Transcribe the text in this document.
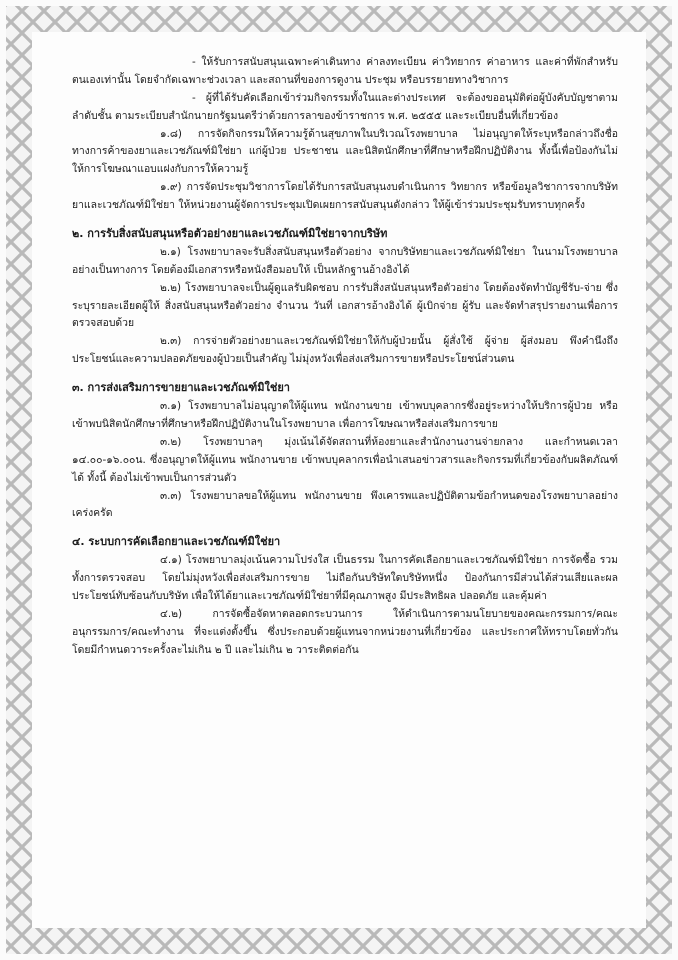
- ให้รับการสนับสนุนเฉพาะค่าเดินทาง ค่าลงทะเบียน ค่าวิทยากร ค่าอาหาร และค่าที่พักสำหรับตนเองเท่านั้น โดยจำกัดเฉพาะช่วงเวลา และสถานที่ของการดูงาน ประชุม หรือบรรยายทางวิชาการ

- ผู้ที่ได้รับคัดเลือกเข้าร่วมกิจกรรมทั้งในและต่างประเทศ จะต้องขออนุมัติต่อผู้บังคับบัญชาตามลำดับชั้น ตามระเบียบสำนักนายกรัฐมนตรีว่าด้วยการลาของข้าราชการ พ.ศ. ๒๕๕๕ และระเบียบอื่นที่เกี่ยวข้อง

๑.๘) การจัดกิจกรรมให้ความรู้ด้านสุขภาพในบริเวณโรงพยาบาล ไม่อนุญาตให้ระบุหรือกล่าวถึงชื่อทางการค้าของยาและเวชภัณฑ์มิใช่ยา แก่ผู้ป่วย ประชาชน และนิสิตนักศึกษาที่ศึกษาหรือฝึกปฏิบัติงาน ทั้งนี้เพื่อป้องกันไม่ให้การโฆษณาแอบแฝงกับการให้ความรู้

๑.๙) การจัดประชุมวิชาการโดยได้รับการสนับสนุนงบดำเนินการ วิทยากร หรือข้อมูลวิชาการจากบริษัทยาและเวชภัณฑ์มิใช่ยา ให้หน่วยงานผู้จัดการประชุมเปิดเผยการสนับสนุนดังกล่าว ให้ผู้เข้าร่วมประชุมรับทราบทุกครั้ง

๒. การรับสิ่งสนับสนุนหรือตัวอย่างยาและเวชภัณฑ์มิใช่ยาจากบริษัท

๒.๑) โรงพยาบาลจะรับสิ่งสนับสนุนหรือตัวอย่าง จากบริษัทยาและเวชภัณฑ์มิใช่ยา ในนามโรงพยาบาลอย่างเป็นทางการ โดยต้องมีเอกสารหรือหนังสือมอบให้ เป็นหลักฐานอ้างอิงได้

๒.๒) โรงพยาบาลจะเป็นผู้ดูแลรับผิดชอบ การรับสิ่งสนับสนุนหรือตัวอย่าง โดยต้องจัดทำบัญชีรับ-จ่าย ซึ่งระบุรายละเอียดผู้ให้ สิ่งสนับสนุนหรือตัวอย่าง จำนวน วันที่ เอกสารอ้างอิงได้ ผู้เบิกจ่าย ผู้รับ และจัดทำสรุปรายงานเพื่อการตรวจสอบด้วย

๒.๓) การจ่ายตัวอย่างยาและเวชภัณฑ์มิใช่ยาให้กับผู้ป่วยนั้น ผู้สั่งใช้ ผู้จ่าย ผู้ส่งมอบ พึงคำนึงถึงประโยชน์และความปลอดภัยของผู้ป่วยเป็นสำคัญ ไม่มุ่งหวังเพื่อส่งเสริมการขายหรือประโยชน์ส่วนตน

๓. การส่งเสริมการขายยาและเวชภัณฑ์มิใช่ยา

๓.๑) โรงพยาบาลไม่อนุญาตให้ผู้แทน พนักงานขาย เข้าพบบุคลากรซึ่งอยู่ระหว่างให้บริการผู้ป่วย หรือเข้าพบนิสิตนักศึกษาที่ศึกษาหรือฝึกปฏิบัติงานในโรงพยาบาล เพื่อการโฆษณาหรือส่งเสริมการขาย

๓.๒) โรงพยาบาลๆ มุ่งเน้นได้จัดสถานที่ห้องยาและสำนักงานงานจ่ายกลาง และกำหนดเวลา ๑๔.๐๐-๑๖.๐๐น. ซึ่งอนุญาตให้ผู้แทน พนักงานขาย เข้าพบบุคลากรเพื่อนำเสนอข่าวสารและกิจกรรมที่เกี่ยวข้องกับผลิตภัณฑ์ได้ ทั้งนี้ ต้องไม่เข้าพบเป็นการส่วนตัว

๓.๓) โรงพยาบาลขอให้ผู้แทน พนักงานขาย พึงเคารพและปฏิบัติตามข้อกำหนดของโรงพยาบาลอย่างเคร่งครัด

๔. ระบบการคัดเลือกยาและเวชภัณฑ์มิใช่ยา

๔.๑) โรงพยาบาลมุ่งเน้นความโปร่งใส เป็นธรรม ในการคัดเลือกยาและเวชภัณฑ์มิใช่ยา การจัดซื้อ รวมทั้งการตรวจสอบ โดยไม่มุ่งหวังเพื่อส่งเสริมการขาย ไม่ถือกันบริษัทใดบริษัทหนึ่ง ป้องกันการมีส่วนได้ส่วนเสียและผลประโยชน์ทับซ้อนกับบริษัท เพื่อให้ได้ยาและเวชภัณฑ์มิใช่ยาที่มีคุณภาพสูง มีประสิทธิผล ปลอดภัย และคุ้มค่า

๔.๒) การจัดซื้อจัดหาตลอดกระบวนการ ให้ดำเนินการตามนโยบายของคณะกรรมการ/คณะอนุกรรมการ/คณะทำงาน ที่จะแต่งตั้งขึ้น ซึ่งประกอบด้วยผู้แทนจากหน่วยงานที่เกี่ยวข้อง และประกาศให้ทราบโดยทั่วกัน โดยมีกำหนดวาระครั้งละไม่เกิน ๒ ปี และไม่เกิน ๒ วาระติดต่อกัน
